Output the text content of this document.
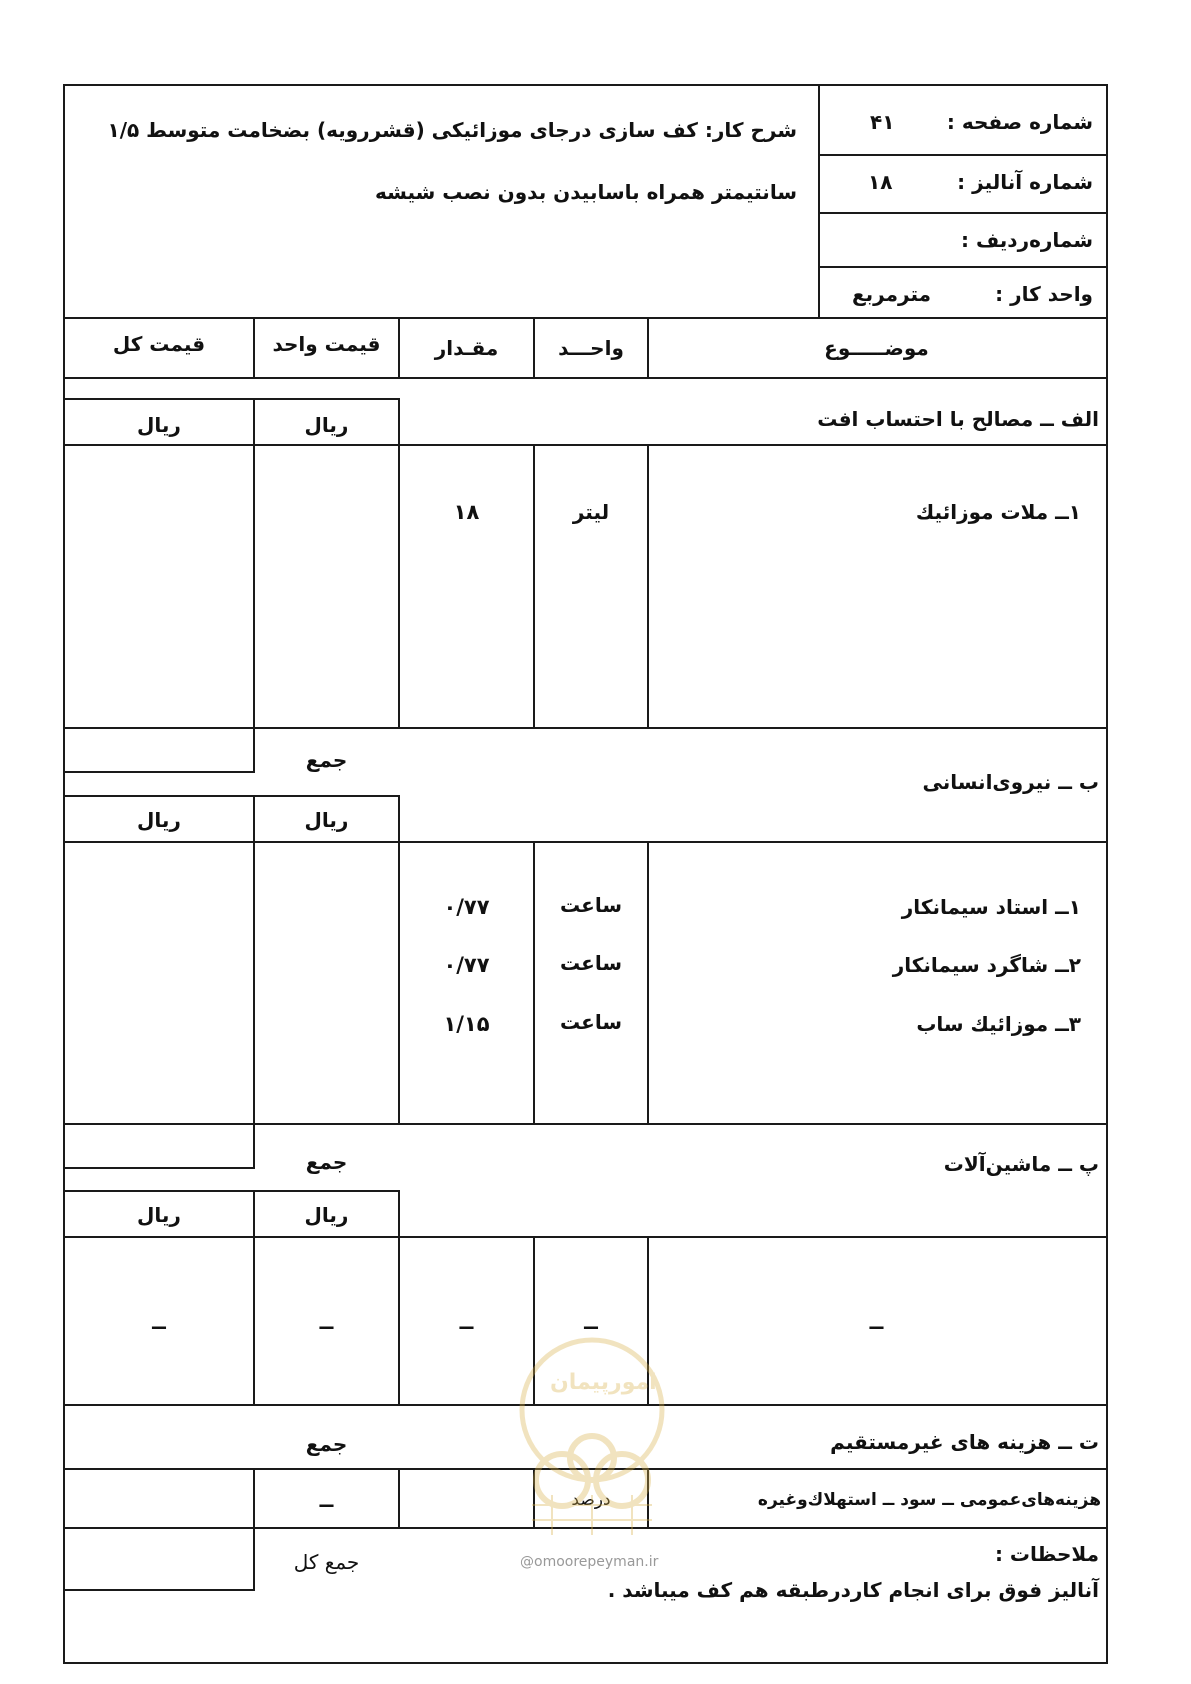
شماره صفحه :
۴۱
شماره آنالیز :
۱۸
شمارەردیف :
واحد کار :
مترمربع
شرح کار: کف سازی درجای موزائیکی (قشررویه) بضخامت متوسط ۱/۵
سانتیمتر همراه باسابیدن بدون نصب شیشه
موضـــــوع
واحـــد
مقـدار
قیمت واحد
قیمت کل
الف ــ مصالح با احتساب افت
ریال
ریال
۱ــ ملات موزائیك
لیتر
۱۸
جمع
ب ــ نیروی‌انسانی
ریال
ریال
۱ــ استاد سیمانکار
ساعت
۰/۷۷
۲ــ شاگرد سیمانکار
ساعت
۰/۷۷
۳ــ موزائیك ساب
ساعت
۱/۱۵
جمع	پ ــ ماشین‌آلات
ریال
ریال
ــ
ــ
ــ
ــ
ــ
ت ــ هزینه های غیرمستقیم
جمع
هزینه‌های‌عمومی ــ سود ــ استهلاك‌وغیره
درصد
ــ
جمع کل	ملاحظات :
آنالیز فوق برای انجام کاردرطبقه هم کف میباشد .
امورپیمان
@omoorepeyman.ir
